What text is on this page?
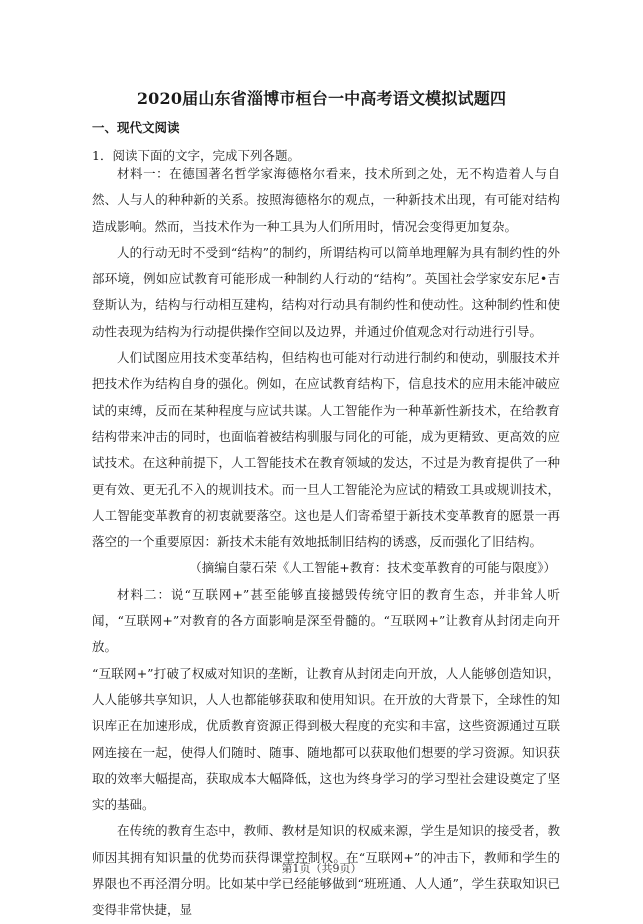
2020届山东省淄博市桓台一中高考语文模拟试题四
一、现代文阅读
1．阅读下面的文字，完成下列各题。

材料一：在德国著名哲学家海德格尔看来，技术所到之处，无不构造着人与自然、人与人的种种新的关系。按照海德格尔的观点，一种新技术出现，有可能对结构造成影响。然而，当技术作为一种工具为人们所用时，情况会变得更加复杂。

人的行动无时不受到“结构”的制约，所谓结构可以简单地理解为具有制约性的外部环境，例如应试教育可能形成一种制约人行动的“结构”。英国社会学家安东尼•吉登斯认为，结构与行动相互建构，结构对行动具有制约性和使动性。这种制约性和使动性表现为结构为行动提供操作空间以及边界，并通过价值观念对行动进行引导。

人们试图应用技术变革结构，但结构也可能对行动进行制约和使动，驯服技术并把技术作为结构自身的强化。例如，在应试教育结构下，信息技术的应用未能冲破应试的束缚，反而在某种程度与应试共谋。人工智能作为一种革新性新技术，在给教育结构带来冲击的同时，也面临着被结构驯服与同化的可能，成为更精致、更高效的应试技术。在这种前提下，人工智能技术在教育领域的发达，不过是为教育提供了一种更有效、更无孔不入的规训技术。而一旦人工智能沦为应试的精致工具或规训技术，人工智能变革教育的初衷就要落空。这也是人们寄希望于新技术变革教育的愿景一再落空的一个重要原因：新技术未能有效地抵制旧结构的诱惑，反而强化了旧结构。

（摘编自蒙石荣《人工智能+教育：技术变革教育的可能与限度》）

材料二：说“互联网+”甚至能够直接撼毁传统守旧的教育生态，并非耸人听闻，“互联网+”对教育的各方面影响是深至骨髓的。“互联网+”让教育从封闭走向开放。

“互联网+”打破了权威对知识的垄断，让教育从封闭走向开放，人人能够创造知识，人人能够共享知识，人人也都能够获取和使用知识。在开放的大背景下，全球性的知识库正在加速形成，优质教育资源正得到极大程度的充实和丰富，这些资源通过互联网连接在一起，使得人们随时、随事、随地都可以获取他们想要的学习资源。知识获取的效率大幅提高，获取成本大幅降低，这也为终身学习的学习型社会建设奠定了坚实的基础。

在传统的教育生态中，教师、教材是知识的权威来源，学生是知识的接受者，教师因其拥有知识量的优势而获得课堂控制权。在“互联网+”的冲击下，教师和学生的界限也不再泾渭分明。比如某中学已经能够做到“班班通、人人通”，学生获取知识已变得非常快捷，显

第1页（共9页）
